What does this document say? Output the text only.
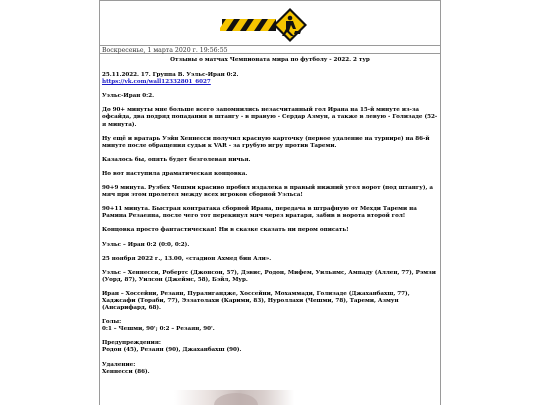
Воскресенье, 1 марта 2020 г. 19:56:55

Отзывы о матчах Чемпионата мира по футболу - 2022. 2 тур

25.11.2022. 17. Группа В. Уэльс-Иран 0:2.

https://vk.com/wall12332801_6027

Уэльс-Иран 0:2.

До 90+ минуты мне больше всего запомнились незасчитанный гол Ирана на 15-й минуте из-за офсайда, два подряд попадания в штангу - в правую - Сердар Азмун, а также в левую - Голизаде (52-я минута).

Ну ещё и вратарь Уэйн Хеннесси получил красную карточку (первое удаление на турнире) на 86-й минуте после обращения судьи к VAR - за грубую игру против Тареми.

Казалось бы, опять будет безголевая ничья.

Но вот наступила драматическая концовка.

90+9 минута. Рузбех Чешми красиво пробил издалека в правый нижний угол ворот (под штангу), а мяч при этом пролетел между всех игроков сборной Уэльса!

90+11 минута. Быстрая контратака сборной Ирана, передача в штрафную от Мехди Тареми на Рамина Резаеяна, после чего тот перекинул мяч через вратаря, забив в ворота второй гол!

Концовка просто фантастическая! Ни в сказке сказать ни пером описать!

Уэльс – Иран 0:2 (0:0, 0:2).

25 ноября 2022 г., 13.00, «стадион Ахмед бин Али».

Уэльс – Хеннесси, Робертс (Джонсон, 57), Дэвис, Родон, Мифем, Уильямс, Ампаду (Аллен, 77), Рэмзи (Уорд, 87), Уилсон (Джеймс, 58), Бэйл, Мур.

Иран – Хоссейни, Резаян, Пуралигандже, Хоссейни, Мохаммади, Голизаде (Джаханбахш, 77), Хаджсафи (Тораби, 77), Эззатолахи (Карими, 83), Нуроллахи (Чешми, 78), Тареми, Азмун (Ансарифард, 68).

Голы:

0:1 – Чешми, 90'; 0:2 – Резаян, 90'.

Предупреждения:

Родон (45), Резаян (90), Джаханбахш (90).

Удаление:

Хеннесси (86).
